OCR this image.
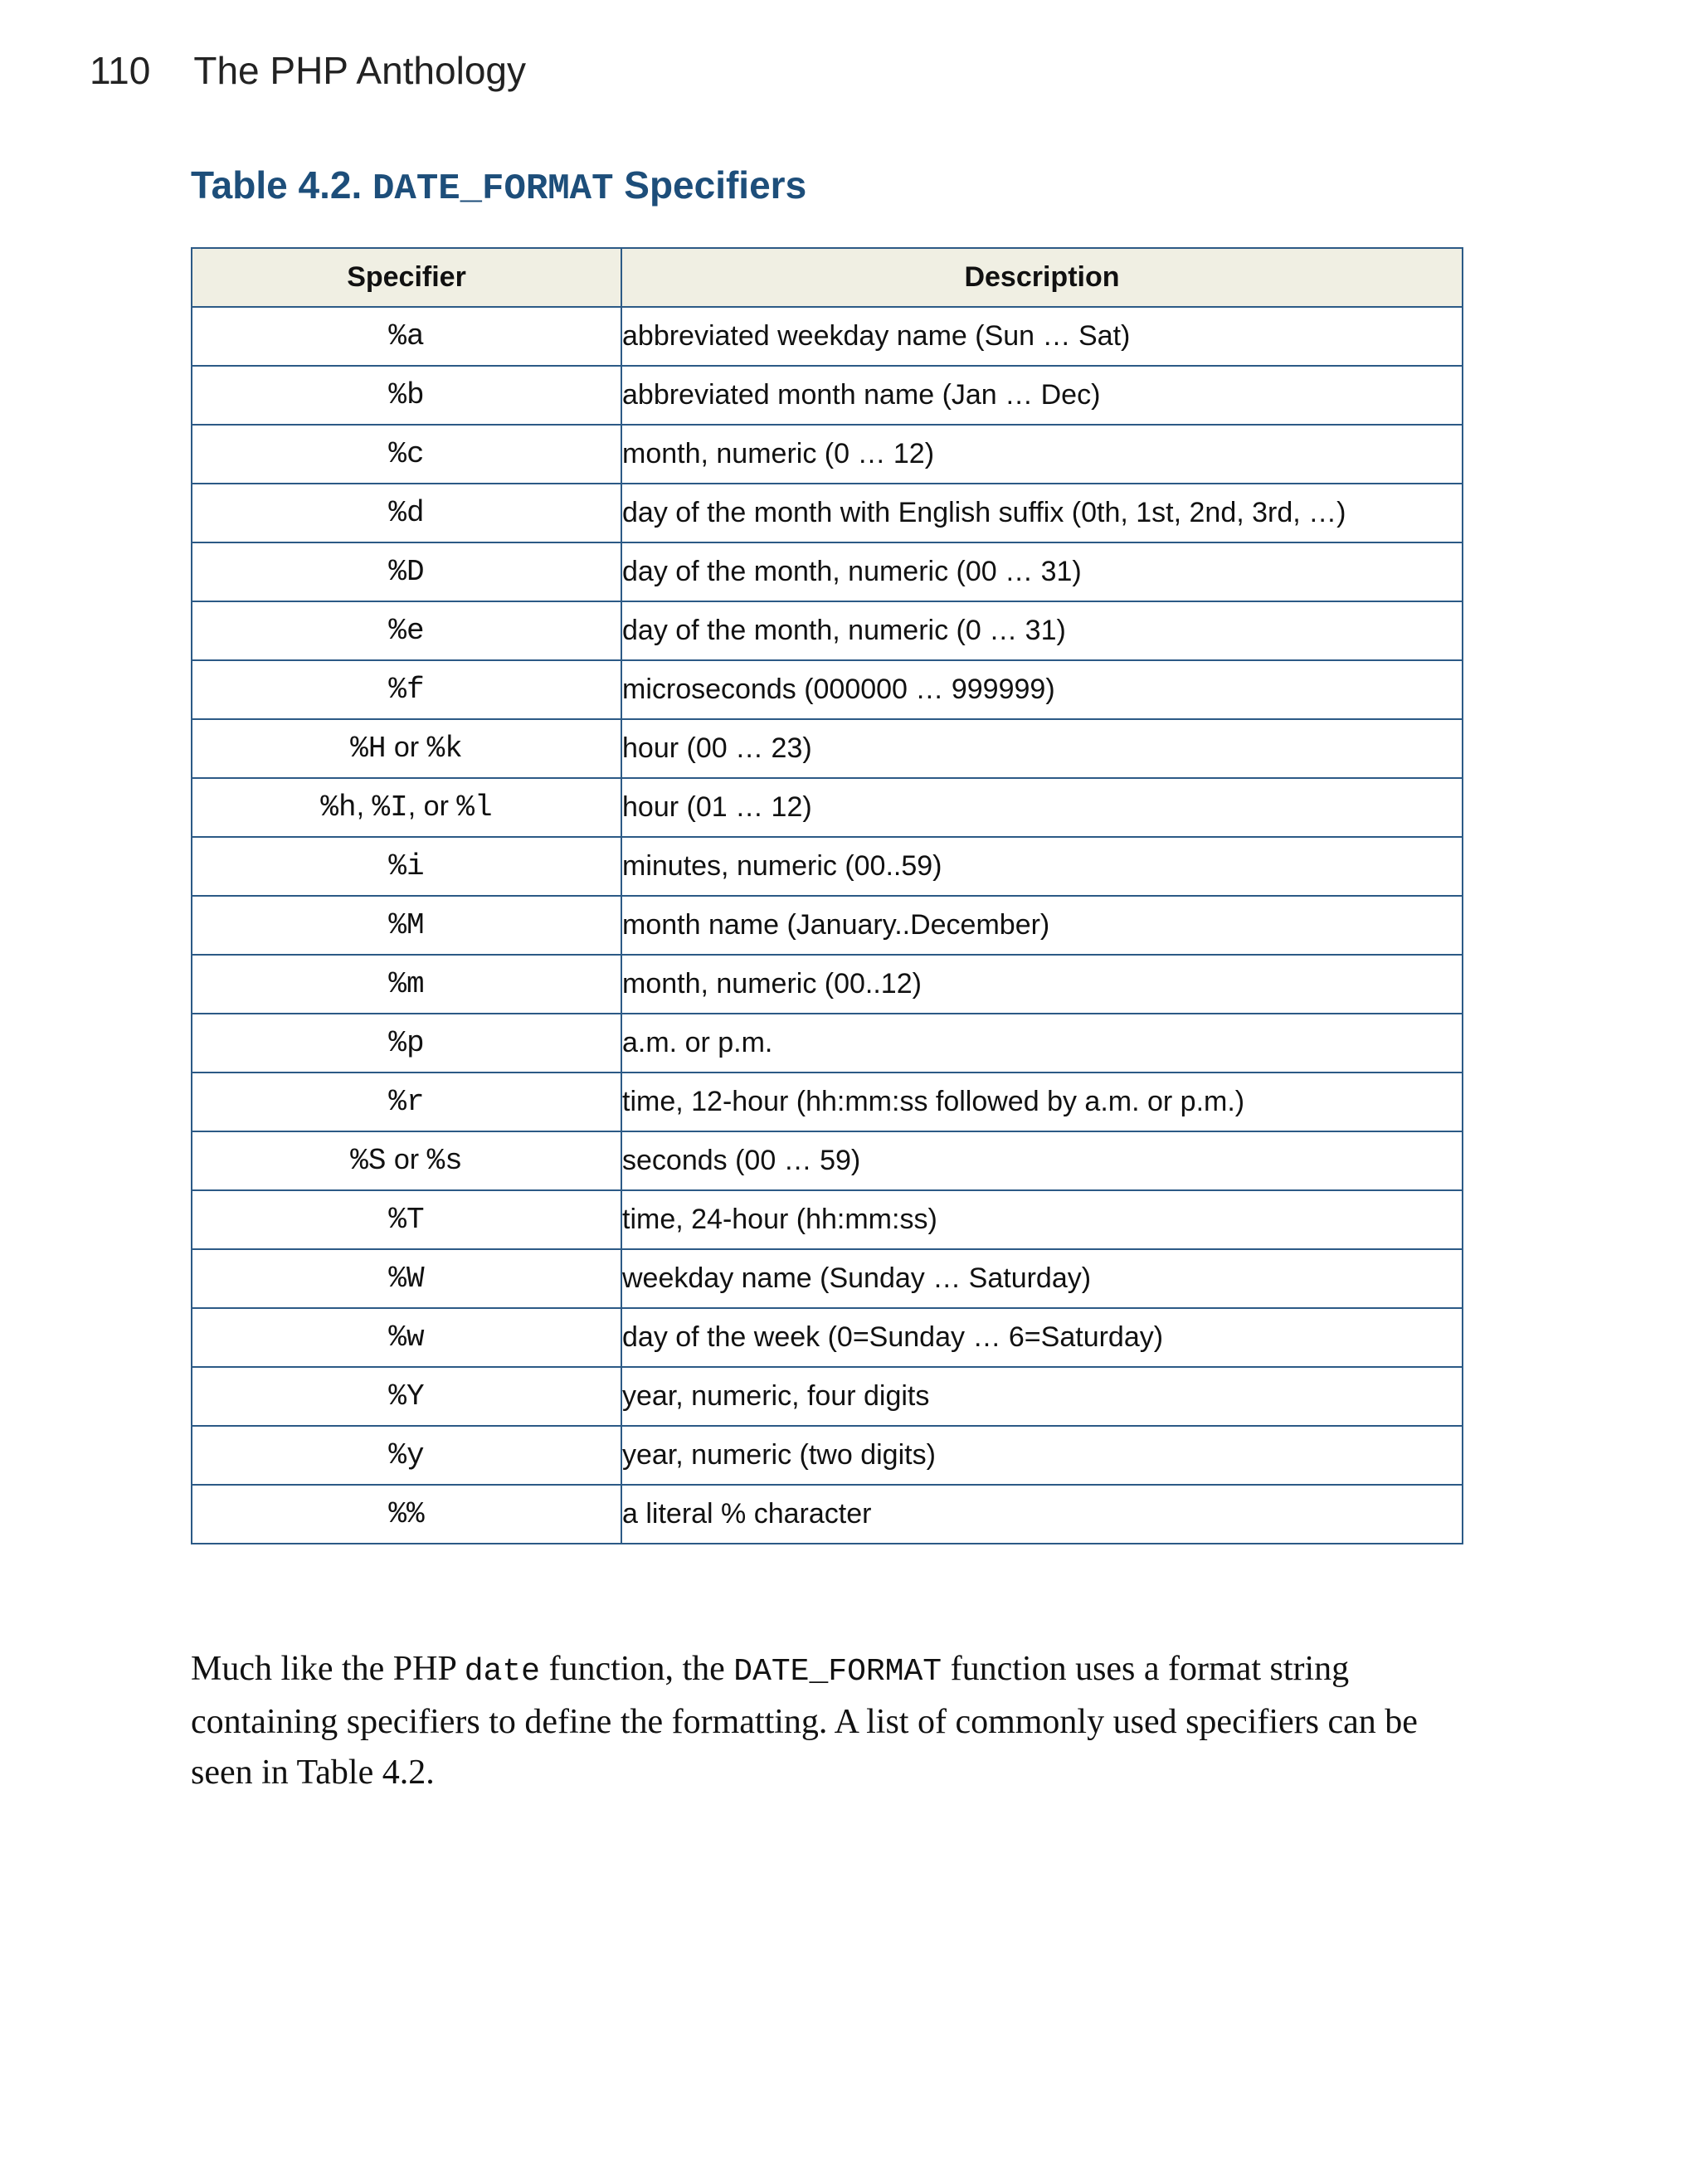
110 The PHP Anthology
Table 4.2. DATE_FORMAT Specifiers
Specifier	Description
%a	abbreviated weekday name (Sun … Sat)
%b	abbreviated month name (Jan … Dec)
%c	month, numeric (0 … 12)
%d	day of the month with English suffix (0th, 1st, 2nd, 3rd, …)
%D	day of the month, numeric (00 … 31)
%e	day of the month, numeric (0 … 31)
%f	microseconds (000000 … 999999)
%H or %k	hour (00 … 23)
%h, %I, or %l	hour (01 … 12)
%i	minutes, numeric (00..59)
%M	month name (January..December)
%m	month, numeric (00..12)
%p	a.m. or p.m.
%r	time, 12-hour (hh:mm:ss followed by a.m. or p.m.)
%S or %s	seconds (00 … 59)
%T	time, 24-hour (hh:mm:ss)
%W	weekday name (Sunday … Saturday)
%w	day of the week (0=Sunday … 6=Saturday)
%Y	year, numeric, four digits
%y	year, numeric (two digits)
%%	a literal % character

Much like the PHP date function, the DATE_FORMAT function uses a format string containing specifiers to define the formatting. A list of commonly used specifiers can be seen in Table 4.2.
